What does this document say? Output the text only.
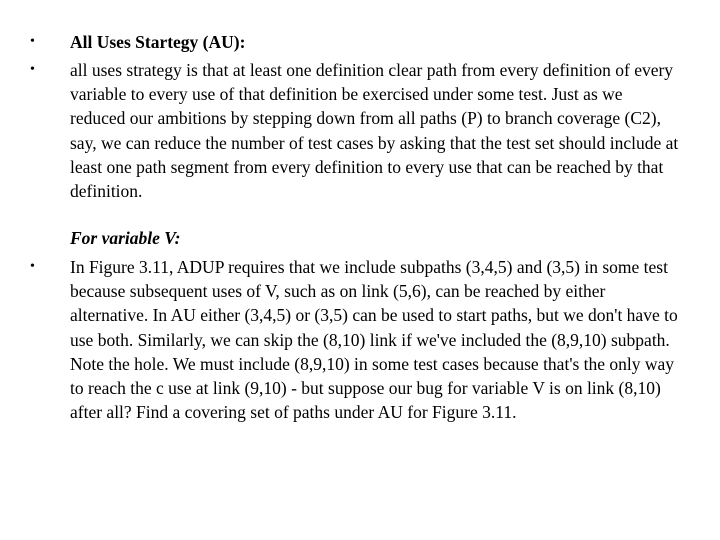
•	All Uses Startegy (AU):
•	all uses strategy is that at least one definition clear path from every definition of every variable to every use of that definition be exercised under some test. Just as we reduced our ambitions by stepping down from all paths (P) to branch coverage (C2), say, we can reduce the number of test cases by asking that the test set should include at least one path segment from every definition to every use that can be reached by that definition.
For variable V:
•	In Figure 3.11, ADUP requires that we include subpaths (3,4,5) and (3,5) in some test because subsequent uses of V, such as on link (5,6), can be reached by either alternative. In AU either (3,4,5) or (3,5) can be used to start paths, but we don't have to use both. Similarly, we can skip the (8,10) link if we've included the (8,9,10) subpath. Note the hole. We must include (8,9,10) in some test cases because that's the only way to reach the c use at link (9,10) - but suppose our bug for variable V is on link (8,10) after all? Find a covering set of paths under AU for Figure 3.11.
